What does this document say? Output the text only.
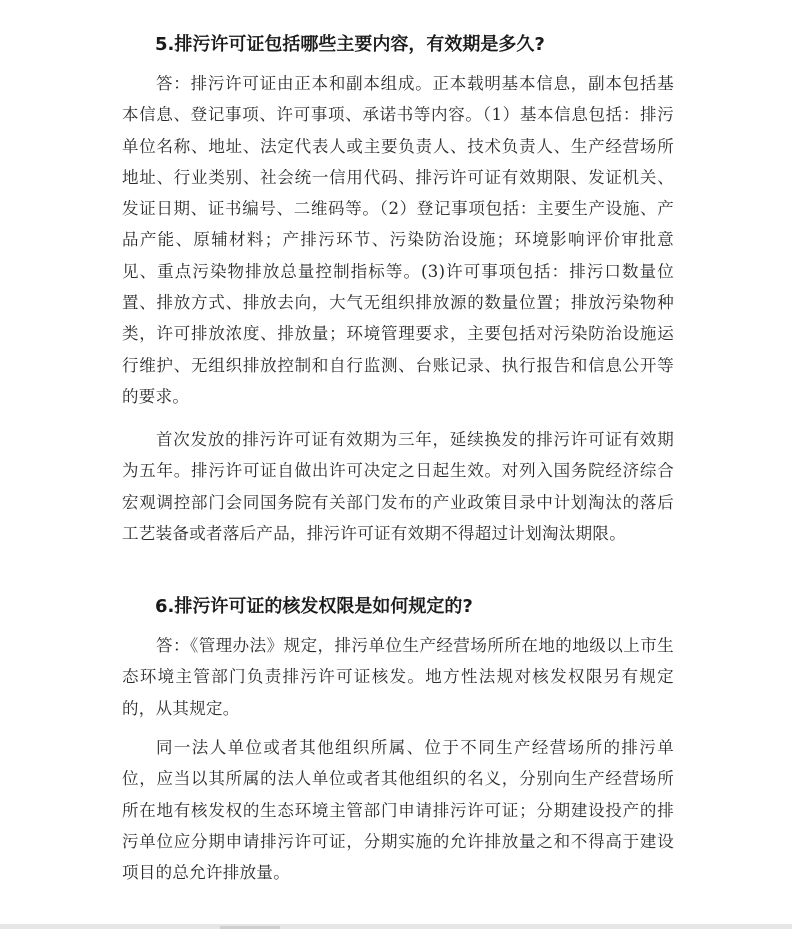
5.排污许可证包括哪些主要内容，有效期是多久?

答：排污许可证由正本和副本组成。正本载明基本信息，副本包括基本信息、登记事项、许可事项、承诺书等内容。（1）基本信息包括：排污单位名称、地址、法定代表人或主要负责人、技术负责人、生产经营场所地址、行业类别、社会统一信用代码、排污许可证有效期限、发证机关、发证日期、证书编号、二维码等。（2）登记事项包括：主要生产设施、产品产能、原辅材料；产排污环节、污染防治设施；环境影响评价审批意见、重点污染物排放总量控制指标等。(3)许可事项包括：排污口数量位置、排放方式、排放去向，大气无组织排放源的数量位置；排放污染物种类，许可排放浓度、排放量；环境管理要求，主要包括对污染防治设施运行维护、无组织排放控制和自行监测、台账记录、执行报告和信息公开等的要求。

首次发放的排污许可证有效期为三年，延续换发的排污许可证有效期为五年。排污许可证自做出许可决定之日起生效。对列入国务院经济综合宏观调控部门会同国务院有关部门发布的产业政策目录中计划淘汰的落后工艺装备或者落后产品，排污许可证有效期不得超过计划淘汰期限。

6.排污许可证的核发权限是如何规定的?

答：《管理办法》规定，排污单位生产经营场所所在地的地级以上市生态环境主管部门负责排污许可证核发。地方性法规对核发权限另有规定的，从其规定。

同一法人单位或者其他组织所属、位于不同生产经营场所的排污单位，应当以其所属的法人单位或者其他组织的名义，分别向生产经营场所所在地有核发权的生态环境主管部门申请排污许可证；分期建设投产的排污单位应分期申请排污许可证，分期实施的允许排放量之和不得高于建设项目的总允许排放量。
